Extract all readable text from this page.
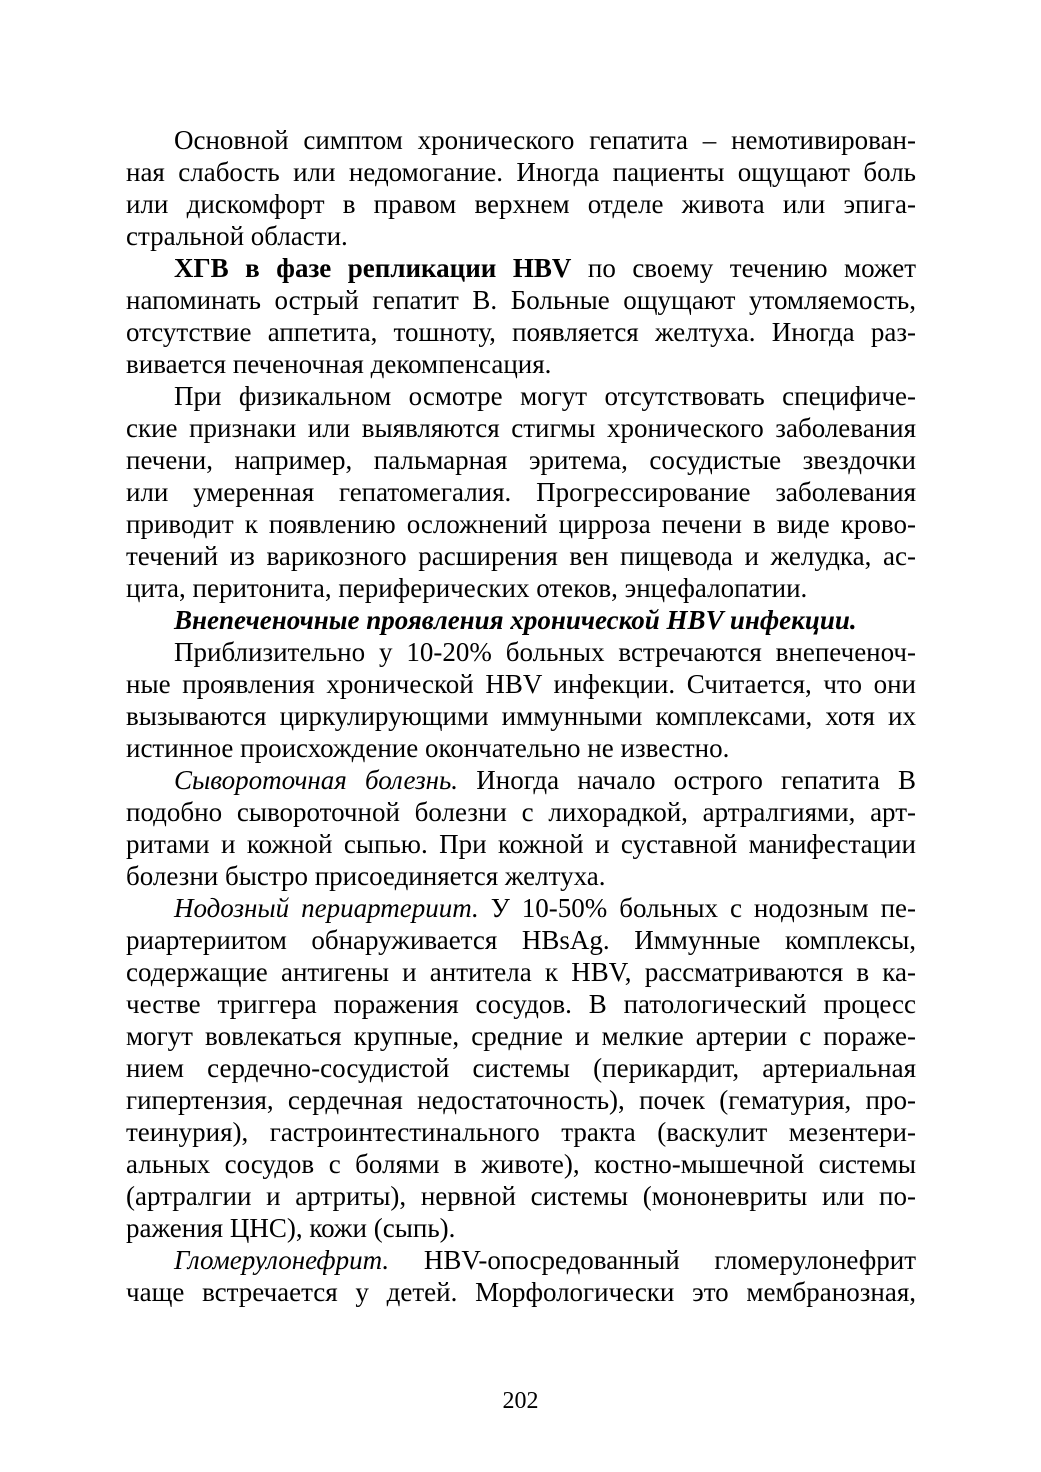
Основной симптом хронического гепатита – немотивирован-
ная слабость или недомогание. Иногда пациенты ощущают боль
или дискомфорт в правом верхнем отделе живота или эпига-
стральной области.
ХГВ в фазе репликации HBV по своему течению может
напоминать острый гепатит В. Больные ощущают утомляемость,
отсутствие аппетита, тошноту, появляется желтуха. Иногда раз-
вивается печеночная декомпенсация.
При физикальном осмотре могут отсутствовать специфиче-
ские признаки или выявляются стигмы хронического заболевания
печени, например, пальмарная эритема, сосудистые звездочки
или умеренная гепатомегалия. Прогрессирование заболевания
приводит к появлению осложнений цирроза печени в виде крово-
течений из варикозного расширения вен пищевода и желудка, ас-
цита, перитонита, периферических отеков, энцефалопатии.
Внепеченочные проявления хронической HBV инфекции.
Приблизительно у 10-20% больных встречаются внепеченоч-
ные проявления хронической HBV инфекции. Считается, что они
вызываются циркулирующими иммунными комплексами, хотя их
истинное происхождение окончательно не известно.
Сывороточная болезнь. Иногда начало острого гепатита В
подобно сывороточной болезни с лихорадкой, артралгиями, арт-
ритами и кожной сыпью. При кожной и суставной манифестации
болезни быстро присоединяется желтуха.
Нодозный периартериит. У 10-50% больных с нодозным пе-
риартериитом обнаруживается HBsAg. Иммунные комплексы,
содержащие антигены и антитела к HBV, рассматриваются в ка-
честве триггера поражения сосудов. В патологический процесс
могут вовлекаться крупные, средние и мелкие артерии с пораже-
нием сердечно-сосудистой системы (перикардит, артериальная
гипертензия, сердечная недостаточность), почек (гематурия, про-
теинурия), гастроинтестинального тракта (васкулит мезентери-
альных сосудов с болями в животе), костно-мышечной системы
(артралгии и артриты), нервной системы (мононевриты или по-
ражения ЦНС), кожи (сыпь).
Гломерулонефрит. HBV-опосредованный гломерулонефрит
чаще встречается у детей. Морфологически это мембранозная,
202
